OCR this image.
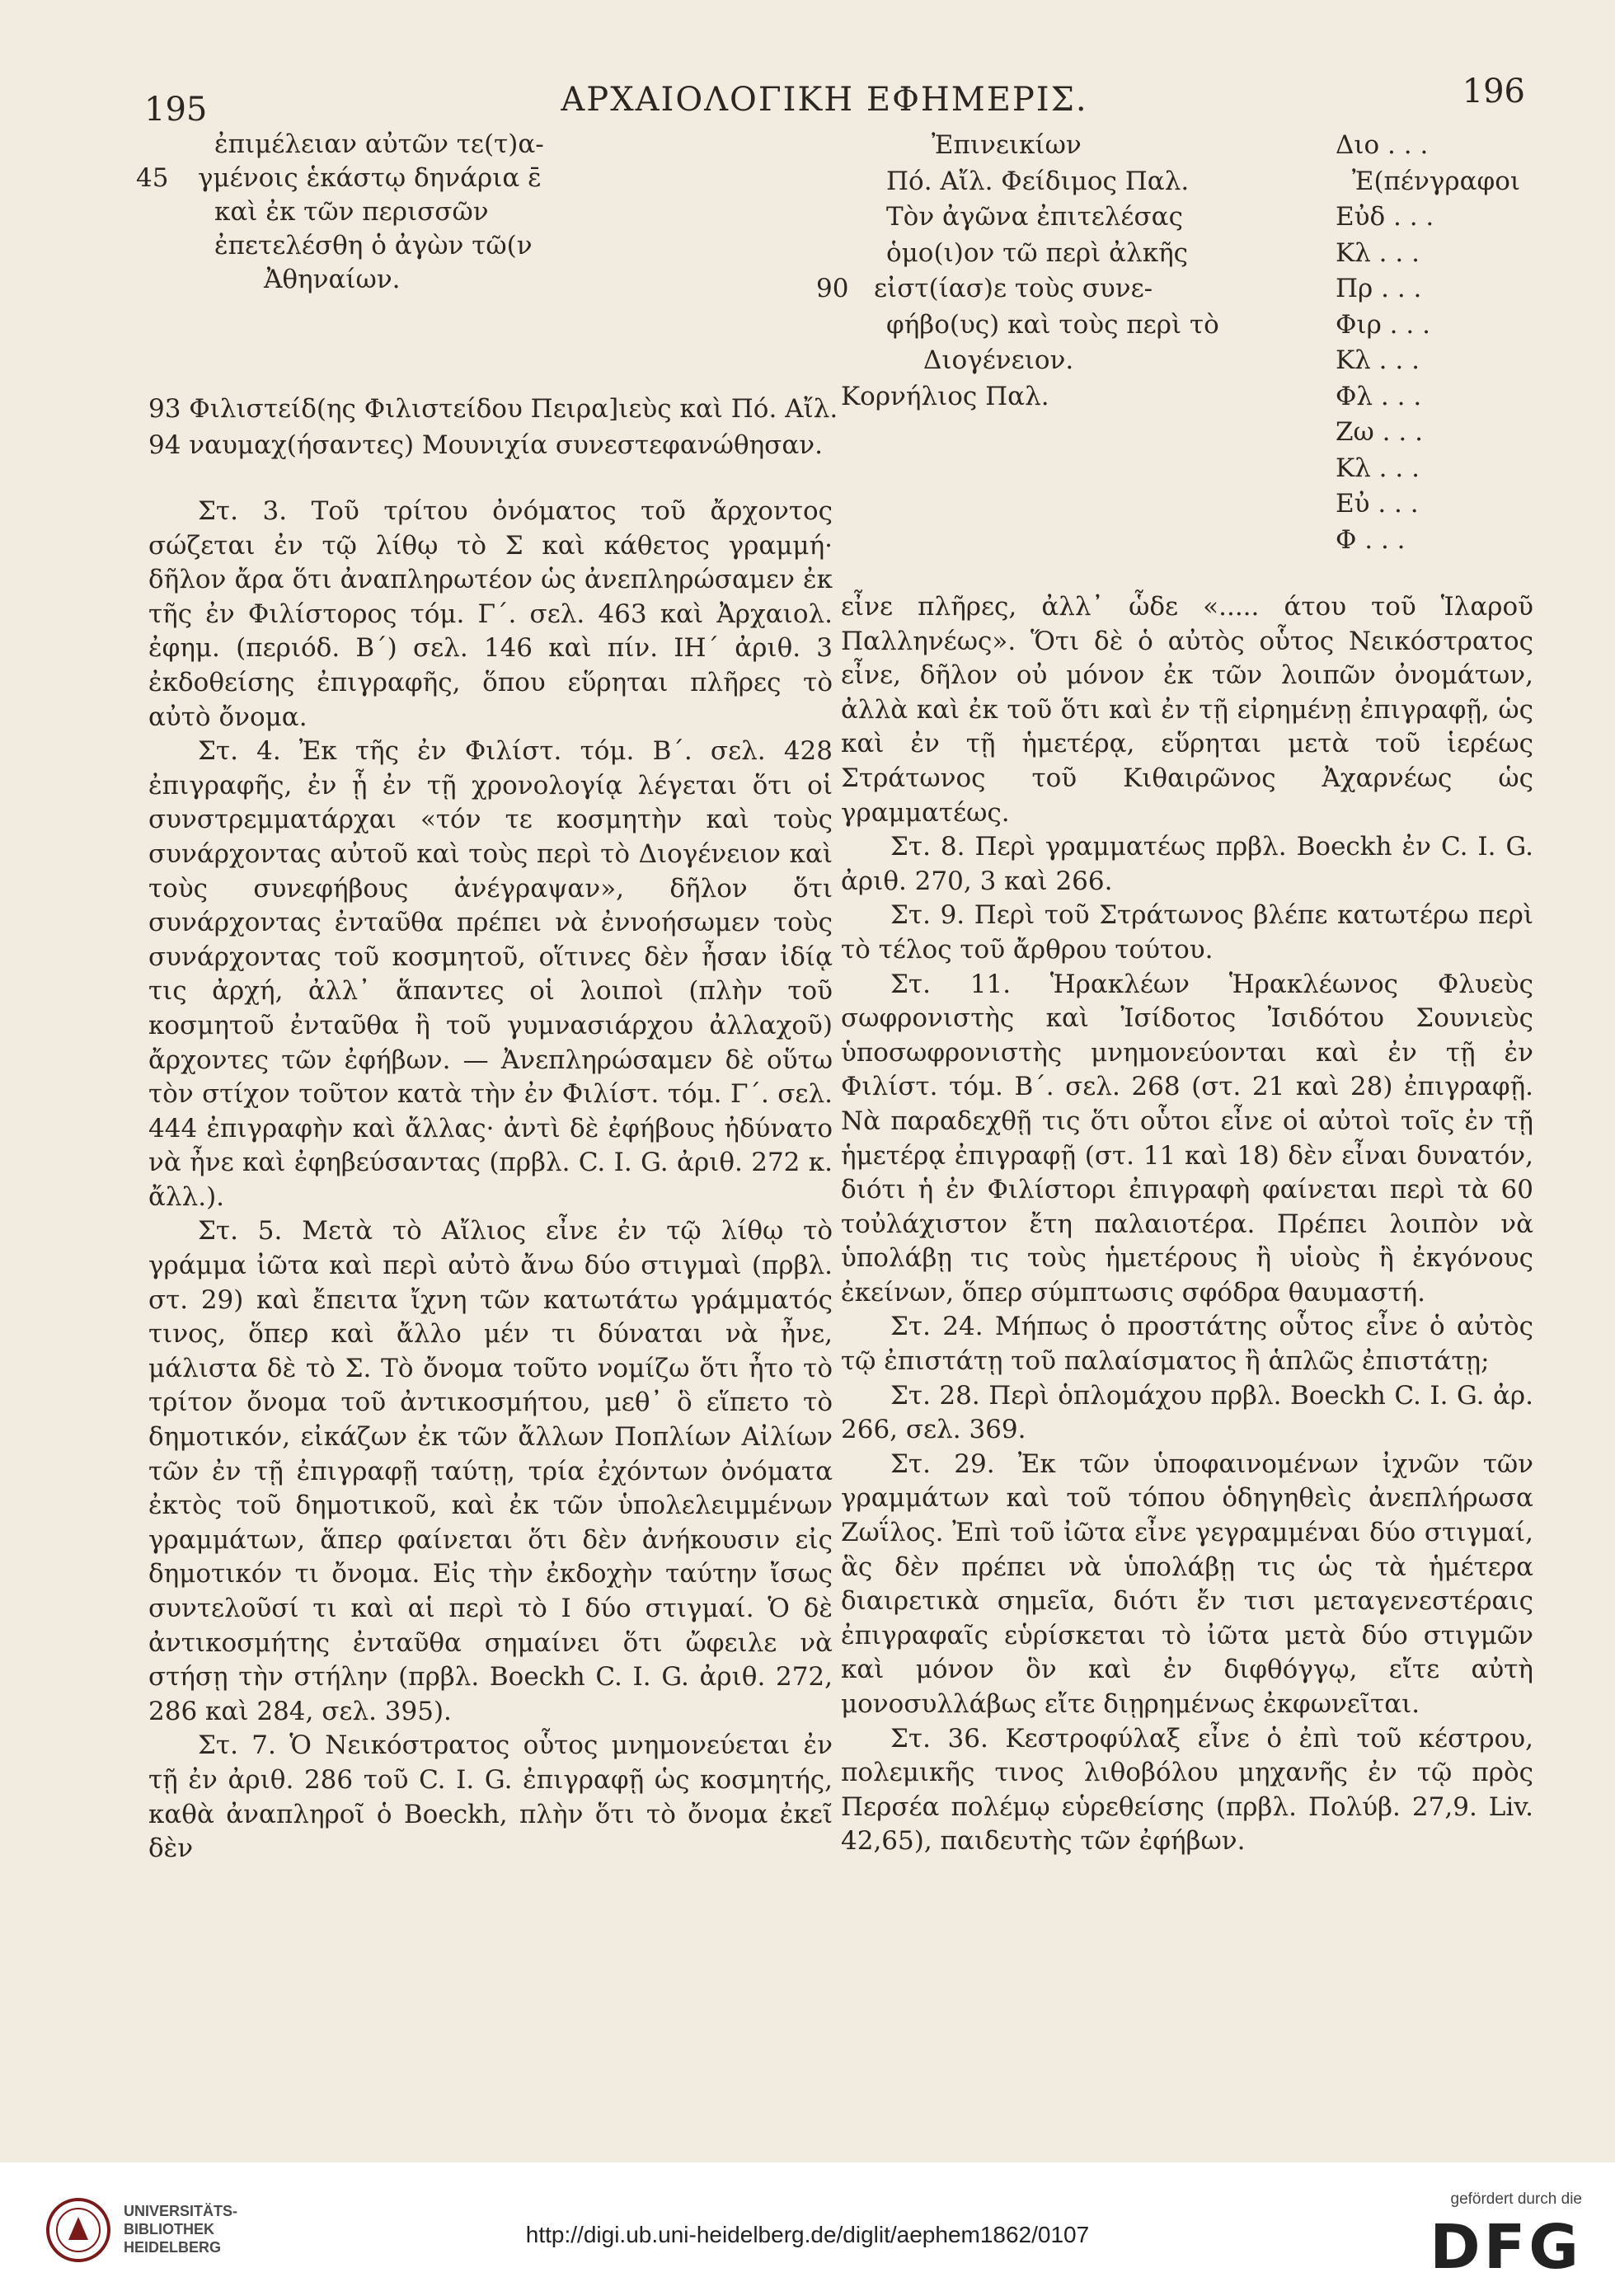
195	ΑΡΧΑΙΟΛΟΓΙΚΗ ΕΦΗΜΕΡΙΣ.	196
ἐπιμέλειαν αὐτῶν τε(τ)α-
45 γμένοις ἑκάστῳ δηνάρια ε̄
καὶ ἐκ τῶν περισσῶν
ἐπετελέσθη ὁ ἀγὼν τῶ(ν
Ἀθηναίων.
93 Φιλιστείδ(ης Φιλιστείδου Πειρα]ιεὺς καὶ Πό. Αἴλ.
94 ναυμαχ(ήσαντες) Μουνιχία συνεστεφανώθησαν.

Στ. 3. Τοῦ τρίτου ὀνόματος τοῦ ἄρχοντος σώζεται ἐν τῷ λίθῳ τὸ Σ καὶ κάθετος γραμμή· δῆλον ἄρα ὅτι ἀναπληρωτέον ὡς ἀνεπληρώσαμεν ἐκ τῆς ἐν Φιλίστορος τόμ. Γ΄. σελ. 463 καὶ Ἀρχαιολ. ἐφημ. (περιόδ. Β΄) σελ. 146 καὶ πίν. ΙΗ΄ ἀριθ. 3 ἐκδοθείσης ἐπιγραφῆς, ὅπου εὕρηται πλῆρες τὸ αὐτὸ ὄνομα.

Στ. 4. Ἐκ τῆς ἐν Φιλίστ. τόμ. Β΄. σελ. 428 ἐπιγραφῆς, ἐν ᾗ ἐν τῇ χρονολογίᾳ λέγεται ὅτι οἱ συνστρεμματάρχαι «τόν τε κοσμητὴν καὶ τοὺς συνάρχοντας αὐτοῦ καὶ τοὺς περὶ τὸ Διογένειον καὶ τοὺς συνεφήβους ἀνέγραψαν», δῆλον ὅτι συνάρχοντας ἐνταῦθα πρέπει νὰ ἐννοήσωμεν τοὺς συνάρχοντας τοῦ κοσμητοῦ, οἵτινες δὲν ἦσαν ἰδίᾳ τις ἀρχή, ἀλλ᾽ ἅπαντες οἱ λοιποὶ (πλὴν τοῦ κοσμητοῦ ἐνταῦθα ἢ τοῦ γυμνασιάρχου ἀλλαχοῦ) ἄρχοντες τῶν ἐφήβων. — Ἀνεπληρώσαμεν δὲ οὕτω τὸν στίχον τοῦτον κατὰ τὴν ἐν Φιλίστ. τόμ. Γ΄. σελ. 444 ἐπιγραφὴν καὶ ἄλλας· ἀντὶ δὲ ἐφήβους ἠδύνατο νὰ ἦνε καὶ ἐφηβεύσαντας (πρβλ. C. I. G. ἀριθ. 272 κ. ἄλλ.).

Στ. 5. Μετὰ τὸ Αἴλιος εἶνε ἐν τῷ λίθῳ τὸ γράμμα ἰῶτα καὶ περὶ αὐτὸ ἄνω δύο στιγμαὶ (πρβλ. στ. 29) καὶ ἔπειτα ἴχνη τῶν κατωτάτω γράμματός τινος, ὅπερ καὶ ἄλλο μέν τι δύναται νὰ ἦνε, μάλιστα δὲ τὸ Σ. Τὸ ὄνομα τοῦτο νομίζω ὅτι ἦτο τὸ τρίτον ὄνομα τοῦ ἀντικοσμήτου, μεθ᾽ ὃ εἵπετο τὸ δημοτικόν, εἰκάζων ἐκ τῶν ἄλλων Ποπλίων Αἰλίων τῶν ἐν τῇ ἐπιγραφῇ ταύτῃ, τρία ἐχόντων ὀνόματα ἐκτὸς τοῦ δημοτικοῦ, καὶ ἐκ τῶν ὑπολελειμμένων γραμμάτων, ἅπερ φαίνεται ὅτι δὲν ἀνήκουσιν εἰς δημοτικόν τι ὄνομα. Εἰς τὴν ἐκδοχὴν ταύτην ἴσως συντελοῦσί τι καὶ αἱ περὶ τὸ Ι δύο στιγμαί. Ὁ δὲ ἀντικοσμήτης ἐνταῦθα σημαίνει ὅτι ὤφειλε νὰ στήσῃ τὴν στήλην (πρβλ. Boeckh C. I. G. ἀριθ. 272, 286 καὶ 284, σελ. 395).

Στ. 7. Ὁ Νεικόστρατος οὗτος μνημονεύεται ἐν τῇ ἐν ἀριθ. 286 τοῦ C. I. G. ἐπιγραφῇ ὡς κοσμητής, καθὰ ἀναπληροῖ ὁ Boeckh, πλὴν ὅτι τὸ ὄνομα ἐκεῖ δὲν

Ἐπινεικίων
Πό. Αἴλ. Φείδιμος Παλ.
Τὸν ἀγῶνα ἐπιτελέσας
ὁμο(ι)ον τῶ περὶ ἀλκῆς
90 εἰστ(ίασ)ε τοὺς συνε-
φήβο(υς) καὶ τοὺς περὶ τὸ
Διογένειον.
Κορνήλιος Παλ.
Διο . . .
Ἐ(πένγραφοι
Εὐδ . . .
Κλ . . .
Πρ . . .
Φιρ . . .
Κλ . . .
Φλ . . .
Ζω . . .
Κλ . . .
Εὐ . . .
Φ . . .

εἶνε πλῆρες, ἀλλ᾽ ὧδε «..... άτου τοῦ Ἱλαροῦ Παλληνέως». Ὅτι δὲ ὁ αὐτὸς οὗτος Νεικόστρατος εἶνε, δῆλον οὐ μόνον ἐκ τῶν λοιπῶν ὀνομάτων, ἀλλὰ καὶ ἐκ τοῦ ὅτι καὶ ἐν τῇ εἰρημένῃ ἐπιγραφῇ, ὡς καὶ ἐν τῇ ἡμετέρᾳ, εὕρηται μετὰ τοῦ ἱερέως Στράτωνος τοῦ Κιθαιρῶνος Ἀχαρνέως ὡς γραμματέως.

Στ. 8. Περὶ γραμματέως πρβλ. Boeckh ἐν C. I. G. ἀριθ. 270, 3 καὶ 266.

Στ. 9. Περὶ τοῦ Στράτωνος βλέπε κατωτέρω περὶ τὸ τέλος τοῦ ἄρθρου τούτου.

Στ. 11. Ἡρακλέων Ἡρακλέωνος Φλυεὺς σωφρονιστὴς καὶ Ἰσίδοτος Ἰσιδότου Σουνιεὺς ὑποσωφρονιστὴς μνημονεύονται καὶ ἐν τῇ ἐν Φιλίστ. τόμ. Β΄. σελ. 268 (στ. 21 καὶ 28) ἐπιγραφῇ. Νὰ παραδεχθῇ τις ὅτι οὗτοι εἶνε οἱ αὐτοὶ τοῖς ἐν τῇ ἡμετέρᾳ ἐπιγραφῇ (στ. 11 καὶ 18) δὲν εἶναι δυνατόν, διότι ἡ ἐν Φιλίστορι ἐπιγραφὴ φαίνεται περὶ τὰ 60 τοὐλάχιστον ἔτη παλαιοτέρα. Πρέπει λοιπὸν νὰ ὑπολάβῃ τις τοὺς ἡμετέρους ἢ υἱοὺς ἢ ἐκγόνους ἐκείνων, ὅπερ σύμπτωσις σφόδρα θαυμαστή.

Στ. 24. Μήπως ὁ προστάτης οὗτος εἶνε ὁ αὐτὸς τῷ ἐπιστάτῃ τοῦ παλαίσματος ἢ ἁπλῶς ἐπιστάτῃ;

Στ. 28. Περὶ ὁπλομάχου πρβλ. Boeckh C. I. G. ἀρ. 266, σελ. 369.

Στ. 29. Ἐκ τῶν ὑποφαινομένων ἰχνῶν τῶν γραμμάτων καὶ τοῦ τόπου ὁδηγηθεὶς ἀνεπλήρωσα Ζωΐλος. Ἐπὶ τοῦ ἰῶτα εἶνε γεγραμμέναι δύο στιγμαί, ἃς δὲν πρέπει νὰ ὑπολάβῃ τις ὡς τὰ ἡμέτερα διαιρετικὰ σημεῖα, διότι ἔν τισι μεταγενεστέραις ἐπιγραφαῖς εὑρίσκεται τὸ ἰῶτα μετὰ δύο στιγμῶν καὶ μόνον ὃν καὶ ἐν διφθόγγῳ, εἴτε αὐτὴ μονοσυλλάβως εἴτε διῃρημένως ἐκφωνεῖται.

Στ. 36. Κεστροφύλαξ εἶνε ὁ ἐπὶ τοῦ κέστρου, πολεμικῆς τινος λιθοβόλου μηχανῆς ἐν τῷ πρὸς Περσέα πολέμῳ εὑρεθείσης (πρβλ. Πολύβ. 27,9. Liv. 42,65), παιδευτὴς τῶν ἐφήβων.

UNIVERSITÄTS-
BIBLIOTHEK
HEIDELBERG	http://digi.ub.uni-heidelberg.de/diglit/aephem1862/0107
gefördert durch die
DFG
